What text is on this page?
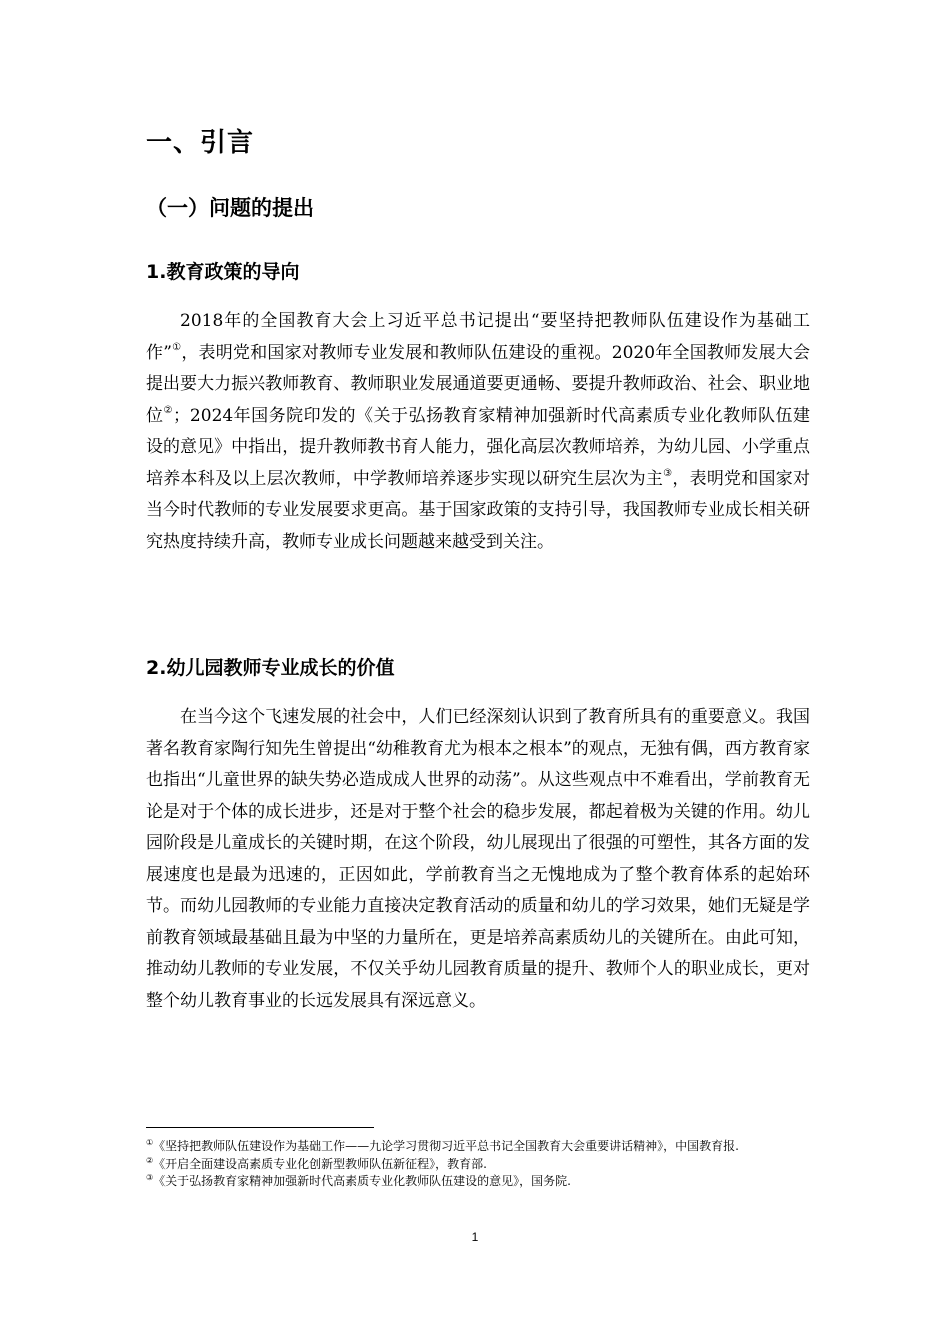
一、引言
（一）问题的提出
1.教育政策的导向

2018年的全国教育大会上习近平总书记提出“要坚持把教师队伍建设作为基础工作”①，表明党和国家对教师专业发展和教师队伍建设的重视。2020年全国教师发展大会提出要大力振兴教师教育、教师职业发展通道要更通畅、要提升教师政治、社会、职业地位②；2024年国务院印发的《关于弘扬教育家精神加强新时代高素质专业化教师队伍建设的意见》中指出，提升教师教书育人能力，强化高层次教师培养，为幼儿园、小学重点培养本科及以上层次教师，中学教师培养逐步实现以研究生层次为主③，表明党和国家对当今时代教师的专业发展要求更高。基于国家政策的支持引导，我国教师专业成长相关研究热度持续升高，教师专业成长问题越来越受到关注。

2.幼儿园教师专业成长的价值

在当今这个飞速发展的社会中，人们已经深刻认识到了教育所具有的重要意义。我国著名教育家陶行知先生曾提出“幼稚教育尤为根本之根本”的观点，无独有偶，西方教育家也指出“儿童世界的缺失势必造成成人世界的动荡”。从这些观点中不难看出，学前教育无论是对于个体的成长进步，还是对于整个社会的稳步发展，都起着极为关键的作用。幼儿园阶段是儿童成长的关键时期，在这个阶段，幼儿展现出了很强的可塑性，其各方面的发展速度也是最为迅速的，正因如此，学前教育当之无愧地成为了整个教育体系的起始环节。而幼儿园教师的专业能力直接决定教育活动的质量和幼儿的学习效果，她们无疑是学前教育领域最基础且最为中坚的力量所在，更是培养高素质幼儿的关键所在。由此可知，推动幼儿教师的专业发展，不仅关乎幼儿园教育质量的提升、教师个人的职业成长，更对整个幼儿教育事业的长远发展具有深远意义。

①《坚持把教师队伍建设作为基础工作——九论学习贯彻习近平总书记全国教育大会重要讲话精神》，中国教育报.

②《开启全面建设高素质专业化创新型教师队伍新征程》，教育部.

③《关于弘扬教育家精神加强新时代高素质专业化教师队伍建设的意见》，国务院.

1
